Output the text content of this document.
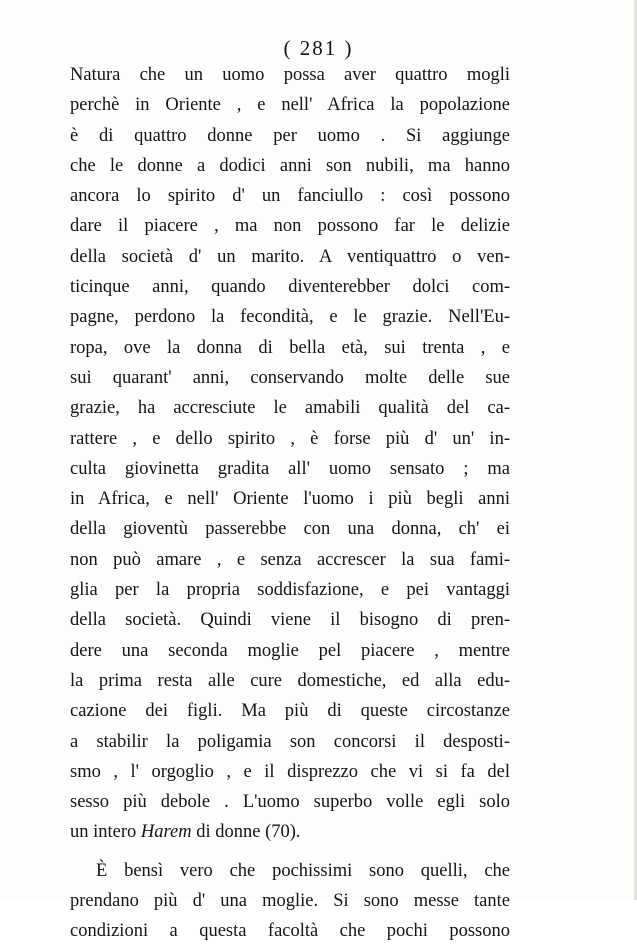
( 281 )
Natura che un uomo possa aver quattro mogli
perchè in Oriente , e nell' Africa la popolazione
è di quattro donne per uomo . Si aggiunge
che le donne a dodici anni son nubili, ma hanno
ancora lo spirito d' un fanciullo : così possono
dare il piacere , ma non possono far le delizie
della società d' un marito. A ventiquattro o ven-
ticinque anni, quando diventerebber dolci com-
pagne, perdono la fecondità, e le grazie. Nell'Eu-
ropa, ove la donna di bella età, sui trenta , e
sui quarant' anni, conservando molte delle sue
grazie, ha accresciute le amabili qualità del ca-
rattere , e dello spirito , è forse più d' un' in-
culta giovinetta gradita all' uomo sensato ; ma
in Africa, e nell' Oriente l'uomo i più begli anni
della gioventù passerebbe con una donna, ch' ei
non può amare , e senza accrescer la sua fami-
glia per la propria soddisfazione, e pei vantaggi
della società. Quindi viene il bisogno di pren-
dere una seconda moglie pel piacere , mentre
la prima resta alle cure domestiche, ed alla edu-
cazione dei figli. Ma più di queste circostanze
a stabilir la poligamia son concorsi il desposti-
smo , l' orgoglio , e il disprezzo che vi si fa del
sesso più debole . L'uomo superbo volle egli solo
un intero Harem di donne (70).
È bensì vero che pochissimi sono quelli, che
prendano più d' una moglie. Si sono messe tante
condizioni a questa facoltà che pochi possono
